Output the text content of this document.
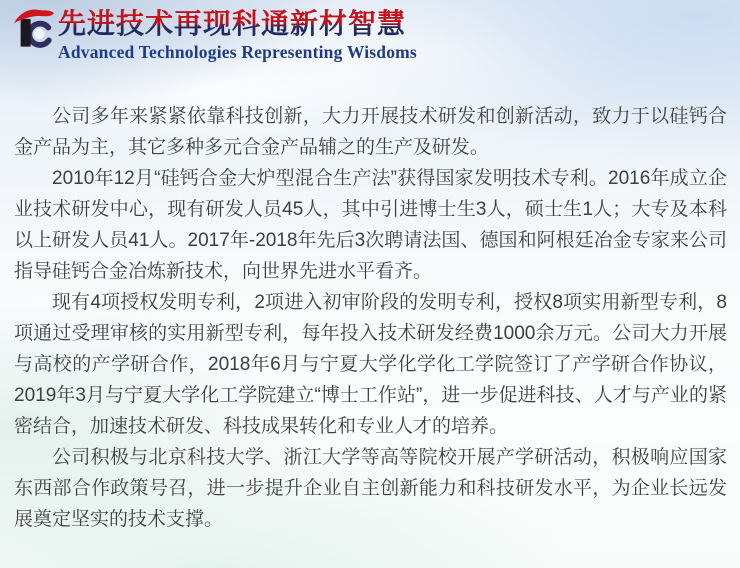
先进技术再现科通新材智慧
Advanced Technologies Representing Wisdoms

公司多年来紧紧依靠科技创新，大力开展技术研发和创新活动，致力于以硅钙合金产品为主，其它多种多元合金产品辅之的生产及研发。

2010年12月“硅钙合金大炉型混合生产法”获得国家发明技术专利。2016年成立企业技术研发中心，现有研发人员45人，其中引进博士生3人，硕士生1人；大专及本科以上研发人员41人。2017年-2018年先后3次聘请法国、德国和阿根廷冶金专家来公司指导硅钙合金冶炼新技术，向世界先进水平看齐。

现有4项授权发明专利，2项进入初审阶段的发明专利，授权8项实用新型专利，8项通过受理审核的实用新型专利，每年投入技术研发经费1000余万元。公司大力开展与高校的产学研合作，2018年6月与宁夏大学化学化工学院签订了产学研合作协议，2019年3月与宁夏大学化工学院建立“博士工作站”，进一步促进科技、人才与产业的紧密结合，加速技术研发、科技成果转化和专业人才的培养。

公司积极与北京科技大学、浙江大学等高等院校开展产学研活动，积极响应国家东西部合作政策号召，进一步提升企业自主创新能力和科技研发水平，为企业长远发展奠定坚实的技术支撑。
